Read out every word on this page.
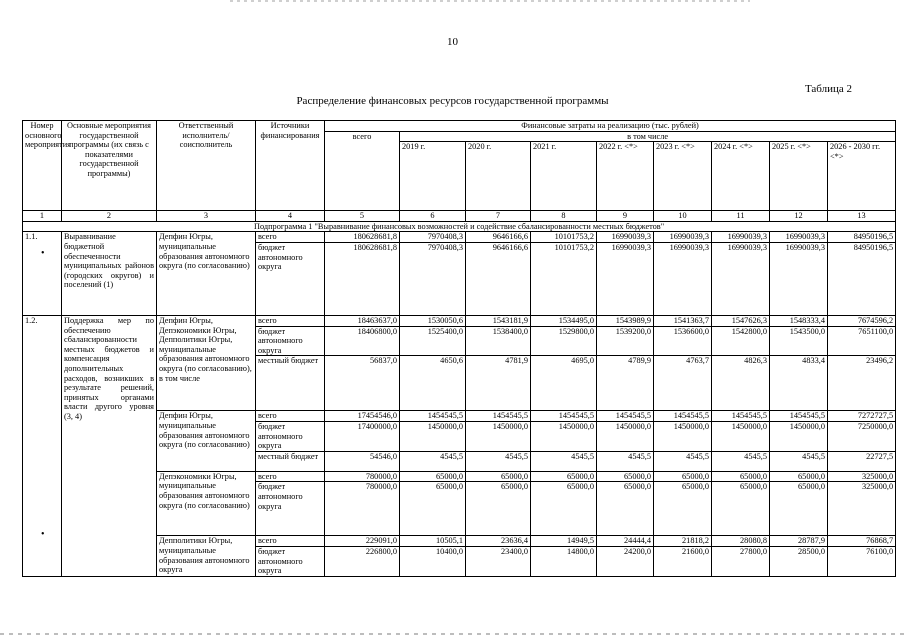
10
Таблица 2
Распределение финансовых ресурсов государственной программы
•
•
Номер основного мероприятия	Основные мероприятия государственной программы (их связь с показателями государственной программы)	Ответственный исполнитель/соисполнитель	Источники финансирования	Финансовые затраты на реализацию (тыс. рублей)								
				всего	в том числе							
					2019 г.	2020 г.	2021 г.	2022 г. <*>	2023 г. <*>	2024 г. <*>	2025 г. <*>	2026 - 2030 гг. <*>
1	2	3	4	5	6	7	8	9	10	11	12	13
Подпрограмма 1 "Выравнивание финансовых возможностей и содействие сбалансированности местных бюджетов"												
1.1.	Выравнивание бюджетной обеспеченности муниципальных районов (городских округов) и поселений (1)	Депфин Югры, муниципальные образования автономного округа (по согласованию)	всего	180628681,8	7970408,3	9646166,6	10101753,2	16990039,3	16990039,3	16990039,3	16990039,3	84950196,5
			бюджет автономного округа	180628681,8	7970408,3	9646166,6	10101753,2	16990039,3	16990039,3	16990039,3	16990039,3	84950196,5
1.2.	Поддержка мер по обеспечению сбалансированности местных бюджетов и компенсация дополнительных расходов, возникших в результате решений, принятых органами власти другого уровня (3, 4)	Депфин Югры, Депэкономики Югры, Депполитики Югры, муниципальные образования автономного округа (по согласованию), в том числе	всего	18463637,0	1530050,6	1543181,9	1534495,0	1543989,9	1541363,7	1547626,3	1548333,4	7674596,2
			бюджет автономного округа	18406800,0	1525400,0	1538400,0	1529800,0	1539200,0	1536600,0	1542800,0	1543500,0	7651100,0
			местный бюджет	56837,0	4650,6	4781,9	4695,0	4789,9	4763,7	4826,3	4833,4	23496,2
		Депфин Югры, муниципальные образования автономного округа (по согласованию)	всего	17454546,0	1454545,5	1454545,5	1454545,5	1454545,5	1454545,5	1454545,5	1454545,5	7272727,5
			бюджет автономного округа	17400000,0	1450000,0	1450000,0	1450000,0	1450000,0	1450000,0	1450000,0	1450000,0	7250000,0
			местный бюджет	54546,0	4545,5	4545,5	4545,5	4545,5	4545,5	4545,5	4545,5	22727,5
		Депэкономики Югры, муниципальные образования автономного округа (по согласованию)	всего	780000,0	65000,0	65000,0	65000,0	65000,0	65000,0	65000,0	65000,0	325000,0
			бюджет автономного округа	780000,0	65000,0	65000,0	65000,0	65000,0	65000,0	65000,0	65000,0	325000,0
		Депполитики Югры, муниципальные образования автономного округа	всего	229091,0	10505,1	23636,4	14949,5	24444,4	21818,2	28080,8	28787,9	76868,7
			бюджет автономного округа	226800,0	10400,0	23400,0	14800,0	24200,0	21600,0	27800,0	28500,0	76100,0
